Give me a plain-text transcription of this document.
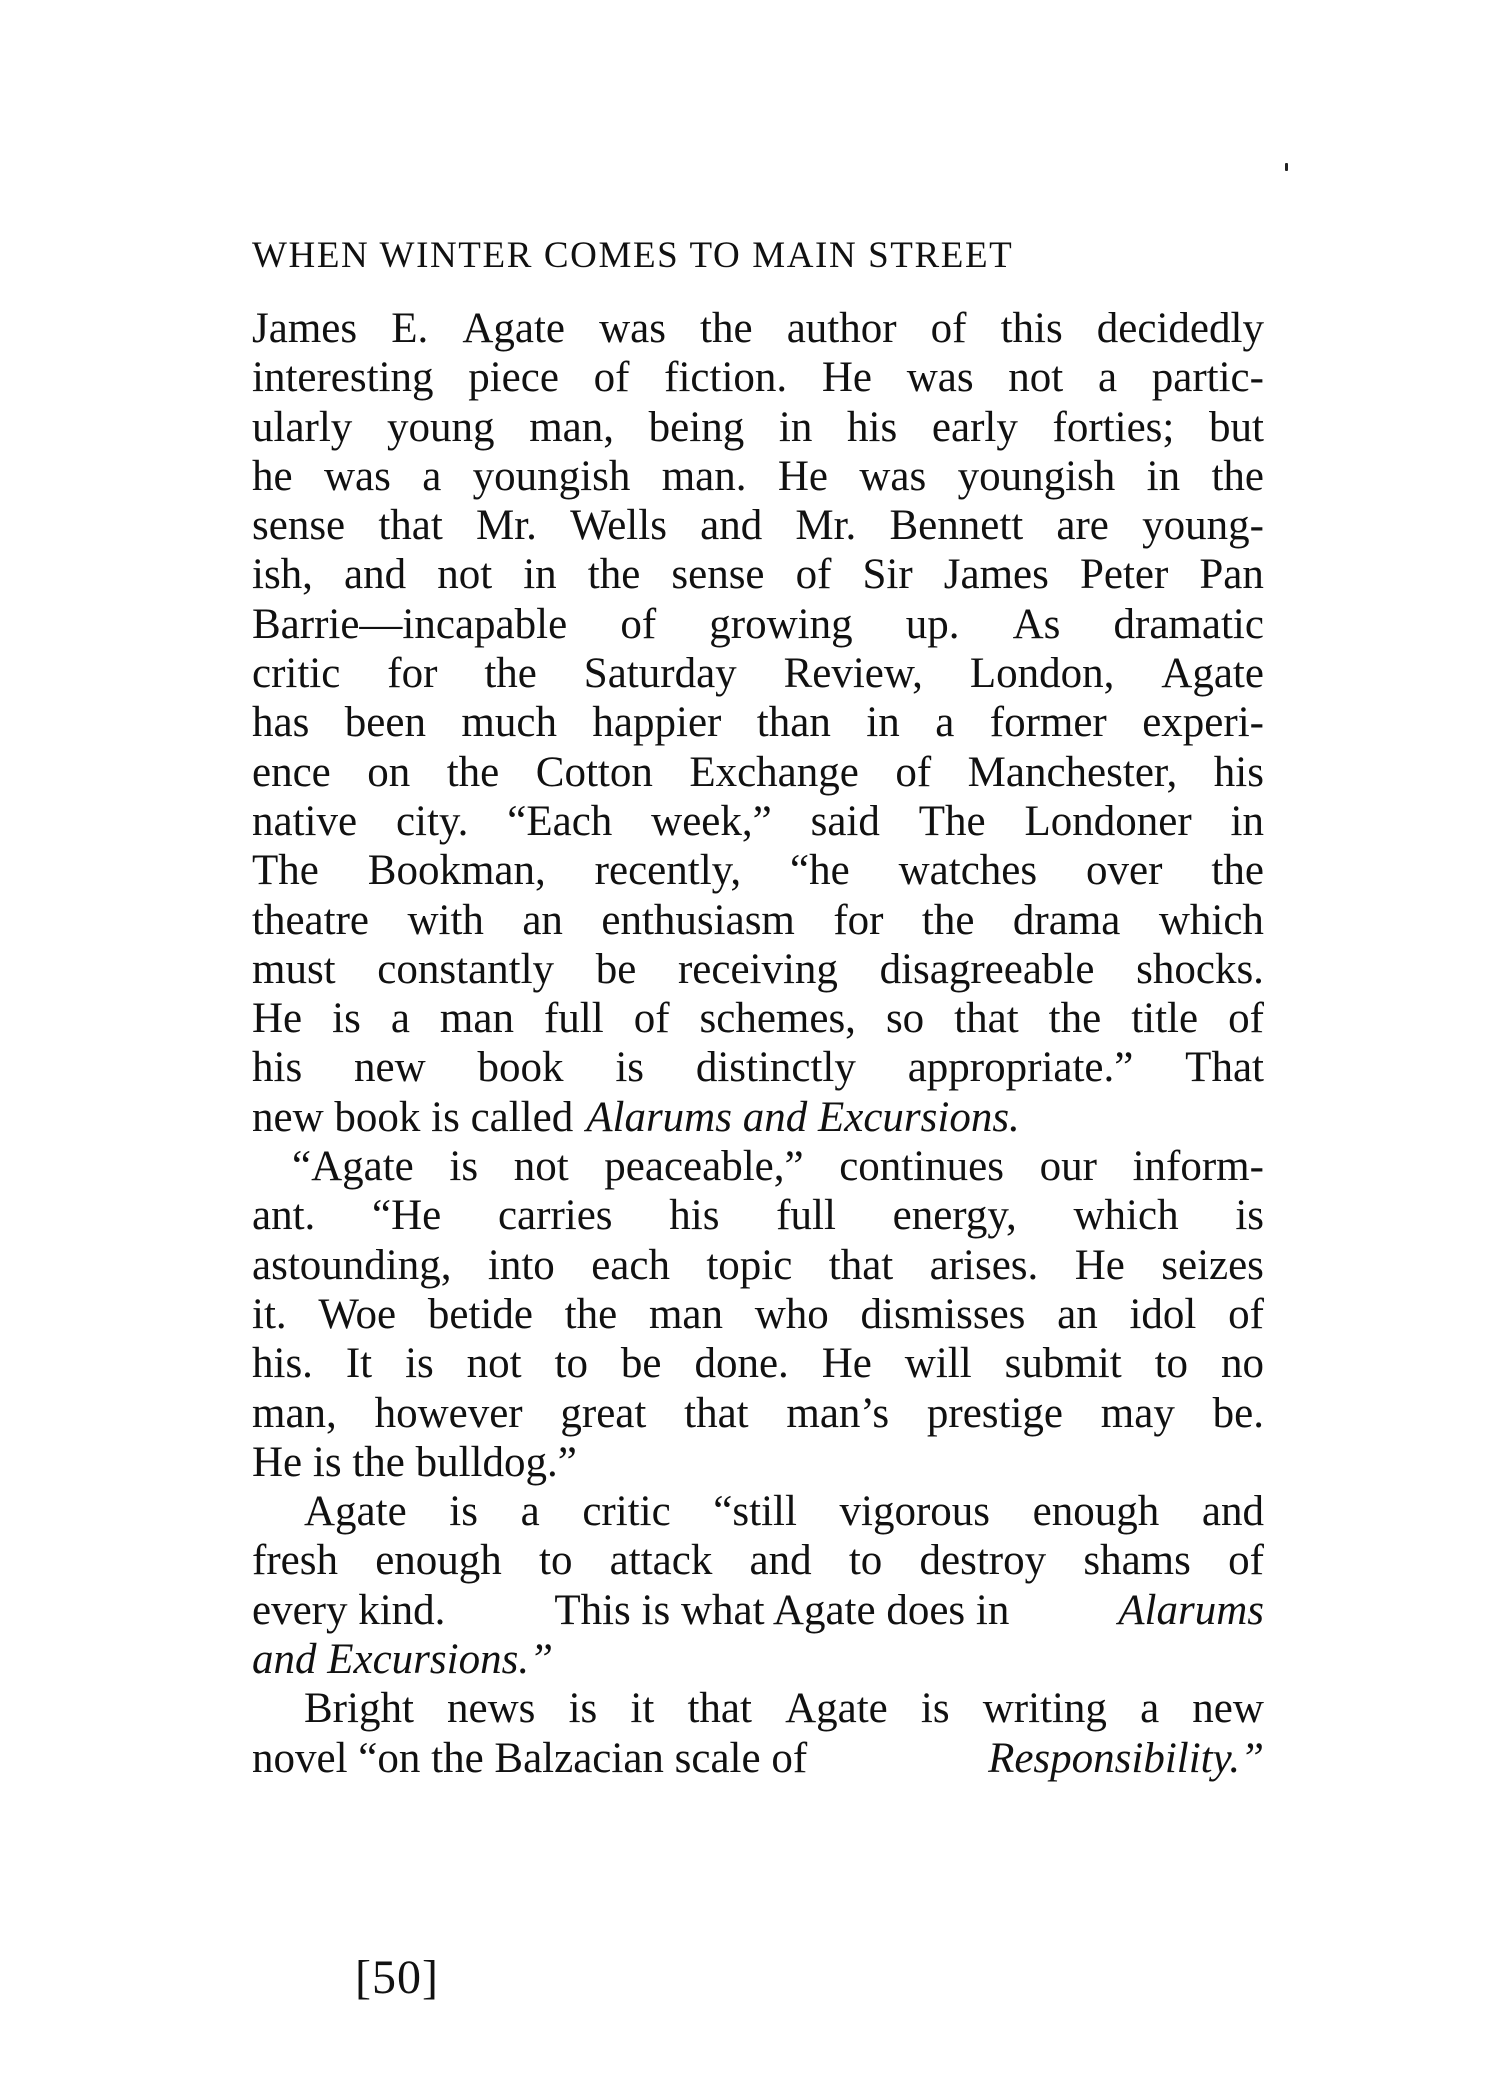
WHEN WINTER COMES TO MAIN STREET
James E. Agate was the author of this decidedly
interesting piece of fiction. He was not a partic-
ularly young man, being in his early forties; but
he was a youngish man. He was youngish in the
sense that Mr. Wells and Mr. Bennett are young-
ish, and not in the sense of Sir James Peter Pan
Barrie—incapable of growing up. As dramatic
critic for the Saturday Review, London, Agate
has been much happier than in a former experi-
ence on the Cotton Exchange of Manchester, his
native city. “Each week,” said The Londoner in
The Bookman, recently, “he watches over the
theatre with an enthusiasm for the drama which
must constantly be receiving disagreeable shocks.
He is a man full of schemes, so that the title of
his new book is distinctly appropriate.” That
new book is called Alarums and Excursions.
“Agate is not peaceable,” continues our inform-
ant. “He carries his full energy, which is
astounding, into each topic that arises. He seizes
it. Woe betide the man who dismisses an idol of
his. It is not to be done. He will submit to no
man, however great that man’s prestige may be.
He is the bulldog.”
Agate is a critic “still vigorous enough and
fresh enough to attack and to destroy shams of
every kind.	This is what Agate does in	Alarums
and Excursions.”
Bright news is it that Agate is writing a new
novel “on the Balzacian scale of	Responsibility.”
[50]
